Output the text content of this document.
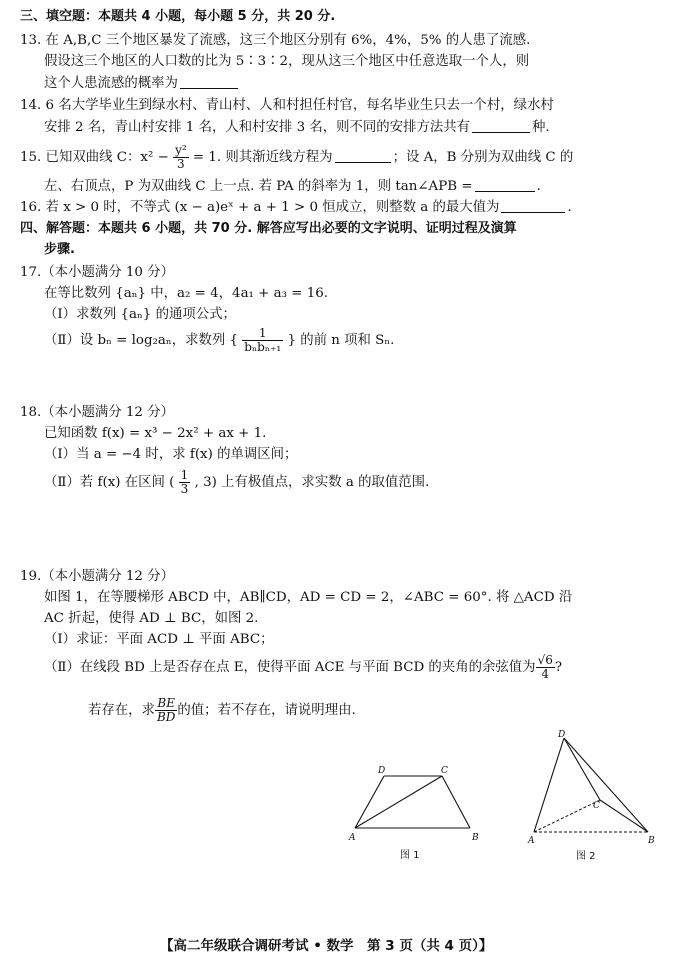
三、填空题：本题共 4 小题，每小题 5 分，共 20 分.
13. 在 A,B,C 三个地区暴发了流感，这三个地区分别有 6%，4%，5% 的人患了流感.
假设这三个地区的人口数的比为 5∶3∶2，现从这三个地区中任意选取一个人，则
这个人患流感的概率为
14. 6 名大学毕业生到绿水村、青山村、人和村担任村官，每名毕业生只去一个村，绿水村
安排 2 名，青山村安排 1 名，人和村安排 3 名，则不同的安排方法共有	种.
15. 已知双曲线 C：$x^2 - \frac{\text{y²}}{3} = 1$. 则其渐近线方程为	；设 A，B 分别为双曲线 C 的
左、右顶点，P 为双曲线 C 上一点. 若 PA 的斜率为 1，则 tan∠APB =	.
16. 若 x > 0 时，不等式 (x − a)eˣ + a + 1 > 0 恒成立，则整数 a 的最大值为	.
四、解答题：本题共 6 小题，共 70 分. 解答应写出必要的文字说明、证明过程及演算
步骤.
17.（本小题满分 10 分）
在等比数列 {aₙ} 中，a₂ = 4，4a₁ + a₃ = 16.
（Ⅰ）求数列 {aₙ} 的通项公式；
（Ⅱ）设 bₙ = log₂aₙ，求数列 { $\frac{1}{\text{bₙbₙ₊₁}}$ } 的前 n 项和 Sₙ.
18.（本小题满分 12 分）
已知函数 f(x) = x³ − 2x² + ax + 1.
（Ⅰ）当 a = −4 时，求 f(x) 的单调区间；
（Ⅱ）若 f(x) 在区间 ( $\frac{1}{3}$ , 3) 上有极值点，求实数 a 的取值范围.
19.（本小题满分 12 分）
如图 1，在等腰梯形 ABCD 中，AB∥CD，AD = CD = 2，∠ABC = 60°. 将 △ACD 沿
AC 折起，使得 AD ⊥ BC，如图 2.
（Ⅰ）求证：平面 ACD ⊥ 平面 ABC；
（Ⅱ）在线段 BD 上是否存在点 E，使得平面 ACE 与平面 BCD 的夹角的余弦值为 $\frac{√6}{4}$ ?
若存在，求 $\frac{BE}{BD}$ 的值；若不存在，请说明理由.
D	C
A	B
图 1
D
C
A	B
图 2
【高二年级联合调研考试 • 数学　第 3 页（共 4 页）】
